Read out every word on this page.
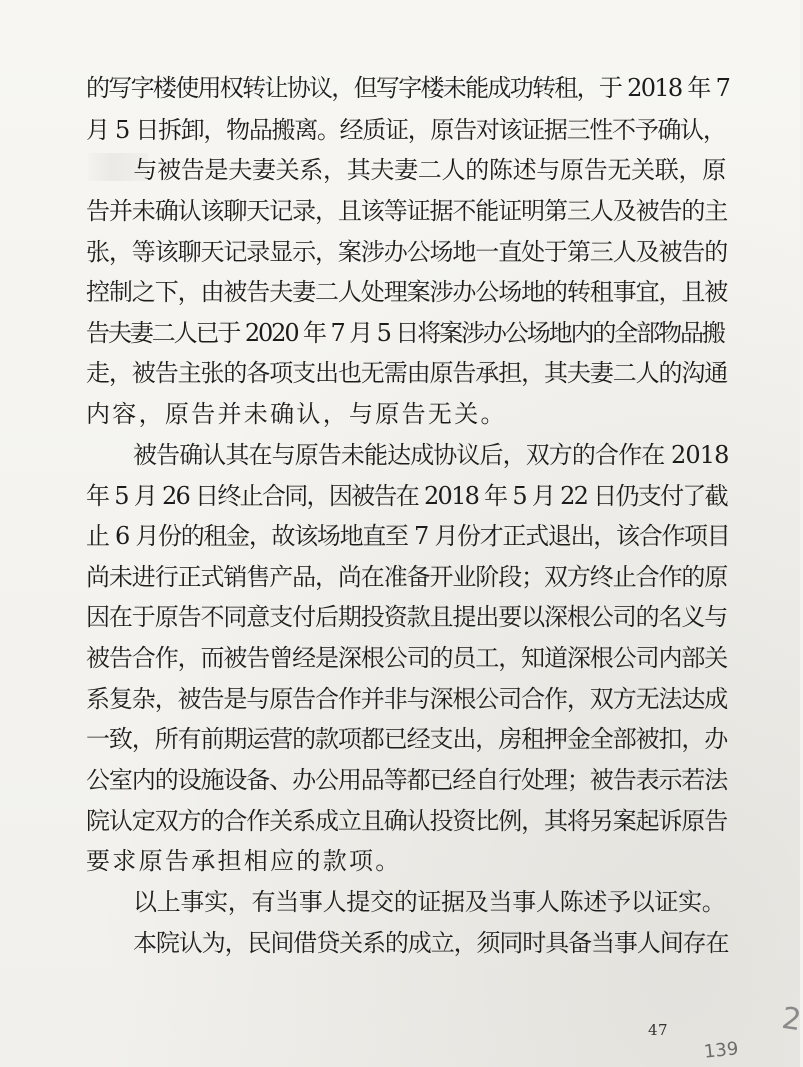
的写字楼使用权转让协议，但写字楼未能成功转租，于 2018 年 7
月 5 日拆卸，物品搬离。经质证，原告对该证据三性不予确认，
　　与被告是夫妻关系，其夫妻二人的陈述与原告无关联，原
告并未确认该聊天记录，且该等证据不能证明第三人及被告的主
张，等该聊天记录显示，案涉办公场地一直处于第三人及被告的
控制之下，由被告夫妻二人处理案涉办公场地的转租事宜，且被
告夫妻二人已于 2020 年 7 月 5 日将案涉办公场地内的全部物品搬
走，被告主张的各项支出也无需由原告承担，其夫妻二人的沟通
内容，原告并未确认，与原告无关。
被告确认其在与原告未能达成协议后，双方的合作在 2018
年 5 月 26 日终止合同，因被告在 2018 年 5 月 22 日仍支付了截
止 6 月份的租金，故该场地直至 7 月份才正式退出，该合作项目
尚未进行正式销售产品，尚在准备开业阶段；双方终止合作的原
因在于原告不同意支付后期投资款且提出要以深根公司的名义与
被告合作，而被告曾经是深根公司的员工，知道深根公司内部关
系复杂，被告是与原告合作并非与深根公司合作，双方无法达成
一致，所有前期运营的款项都已经支出，房租押金全部被扣，办
公室内的设施设备、办公用品等都已经自行处理；被告表示若法
院认定双方的合作关系成立且确认投资比例，其将另案起诉原告
要求原告承担相应的款项。
以上事实，有当事人提交的证据及当事人陈述予以证实。
本院认为，民间借贷关系的成立，须同时具备当事人间存在
47
139
2
